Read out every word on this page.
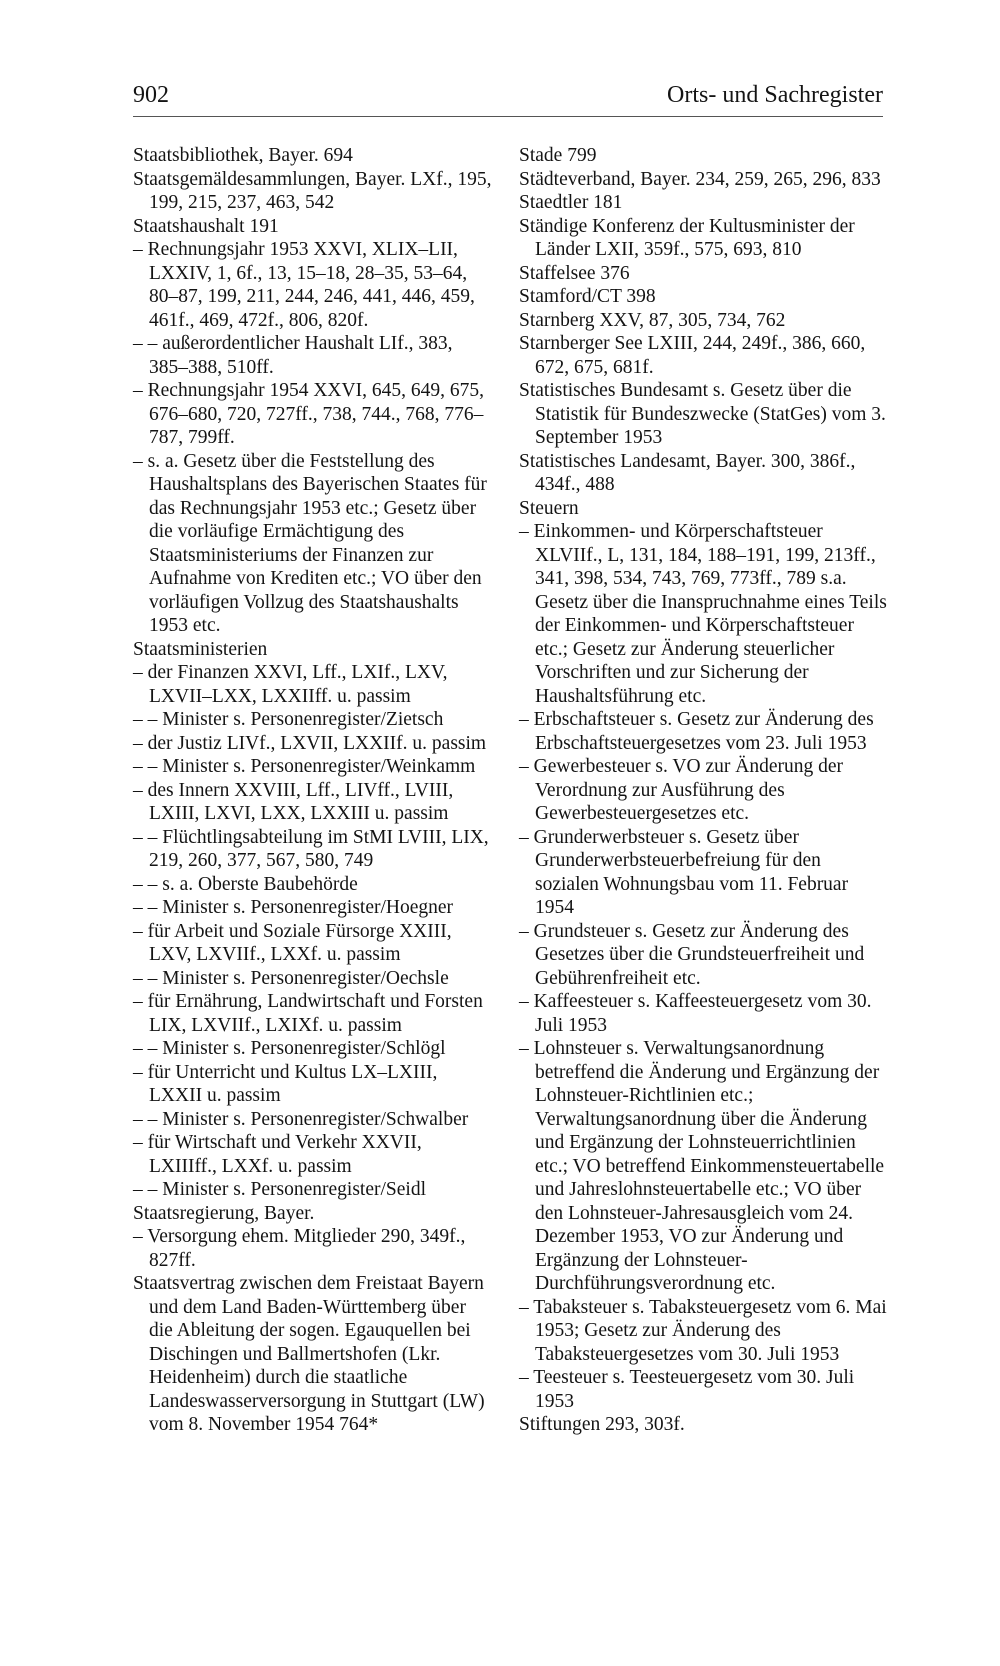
902	Orts- und Sachregister

Staatsbibliothek, Bayer. 694

Staatsgemäldesammlungen, Bayer. LXf., 195, 199, 215, 237, 463, 542

Staatshaushalt 191

– Rechnungsjahr 1953 XXVI, XLIX–LII, LXXIV, 1, 6f., 13, 15–18, 28–35, 53–64, 80–87, 199, 211, 244, 246, 441, 446, 459, 461f., 469, 472f., 806, 820f.

– – außerordentlicher Haushalt LIf., 383, 385–388, 510ff.

– Rechnungsjahr 1954 XXVI, 645, 649, 675, 676–680, 720, 727ff., 738, 744., 768, 776–787, 799ff.

– s. a. Gesetz über die Feststellung des Haushaltsplans des Bayerischen Staates für das Rechnungsjahr 1953 etc.; Gesetz über die vorläufige Ermächtigung des Staatsministeriums der Finanzen zur Aufnahme von Krediten etc.; VO über den vorläufigen Vollzug des Staatshaushalts 1953 etc.

Staatsministerien

– der Finanzen XXVI, Lff., LXIf., LXV, LXVII–LXX, LXXIIff. u. passim

– – Minister s. Personenregister/Zietsch

– der Justiz LIVf., LXVII, LXXIIf. u. passim

– – Minister s. Personenregister/Weinkamm

– des Innern XXVIII, Lff., LIVff., LVIII, LXIII, LXVI, LXX, LXXIII u. passim

– – Flüchtlingsabteilung im StMI LVIII, LIX, 219, 260, 377, 567, 580, 749

– – s. a. Oberste Baubehörde

– – Minister s. Personenregister/Hoegner

– für Arbeit und Soziale Fürsorge XXIII, LXV, LXVIIf., LXXf. u. passim

– – Minister s. Personenregister/Oechsle

– für Ernährung, Landwirtschaft und Forsten LIX, LXVIIf., LXIXf. u. passim

– – Minister s. Personenregister/Schlögl

– für Unterricht und Kultus LX–LXIII, LXXII u. passim

– – Minister s. Personenregister/Schwalber

– für Wirtschaft und Verkehr XXVII, LXIIIff., LXXf. u. passim

– – Minister s. Personenregister/Seidl

Staatsregierung, Bayer.

– Versorgung ehem. Mitglieder 290, 349f., 827ff.

Staatsvertrag zwischen dem Freistaat Bayern und dem Land Baden-Württemberg über die Ableitung der sogen. Egauquellen bei Dischingen und Ballmertshofen (Lkr. Heidenheim) durch die staatliche Landeswasserversorgung in Stuttgart (LW) vom 8. November 1954 764*

Stade 799

Städteverband, Bayer. 234, 259, 265, 296, 833

Staedtler 181

Ständige Konferenz der Kultusminister der Länder LXII, 359f., 575, 693, 810

Staffelsee 376

Stamford/CT 398

Starnberg XXV, 87, 305, 734, 762

Starnberger See LXIII, 244, 249f., 386, 660, 672, 675, 681f.

Statistisches Bundesamt s. Gesetz über die Statistik für Bundeszwecke (StatGes) vom 3. September 1953

Statistisches Landesamt, Bayer. 300, 386f., 434f., 488

Steuern

– Einkommen- und Körperschaftsteuer XLVIIf., L, 131, 184, 188–191, 199, 213ff., 341, 398, 534, 743, 769, 773ff., 789 s.a. Gesetz über die Inanspruchnahme eines Teils der Einkommen- und Körperschaftsteuer etc.; Gesetz zur Änderung steuerlicher Vorschriften und zur Sicherung der Haushaltsführung etc.

– Erbschaftsteuer s. Gesetz zur Änderung des Erbschaftsteuergesetzes vom 23. Juli 1953

– Gewerbesteuer s. VO zur Änderung der Verordnung zur Ausführung des Gewerbesteuergesetzes etc.

– Grunderwerbsteuer s. Gesetz über Grunderwerbsteuerbefreiung für den sozialen Wohnungsbau vom 11. Februar 1954

– Grundsteuer s. Gesetz zur Änderung des Gesetzes über die Grundsteuerfreiheit und Gebührenfreiheit etc.

– Kaffeesteuer s. Kaffeesteuergesetz vom 30. Juli 1953

– Lohnsteuer s. Verwaltungsanordnung betreffend die Änderung und Ergänzung der Lohnsteuer-Richtlinien etc.; Verwaltungsanordnung über die Änderung und Ergänzung der Lohnsteuerrichtlinien etc.; VO betreffend Einkommensteuertabelle und Jahreslohnsteuertabelle etc.; VO über den Lohnsteuer-Jahresausgleich vom 24. Dezember 1953, VO zur Änderung und Ergänzung der Lohnsteuer-Durchführungsverordnung etc.

– Tabaksteuer s. Tabaksteuergesetz vom 6. Mai 1953; Gesetz zur Änderung des Tabaksteuergesetzes vom 30. Juli 1953

– Teesteuer s. Teesteuergesetz vom 30. Juli 1953

Stiftungen 293, 303f.
